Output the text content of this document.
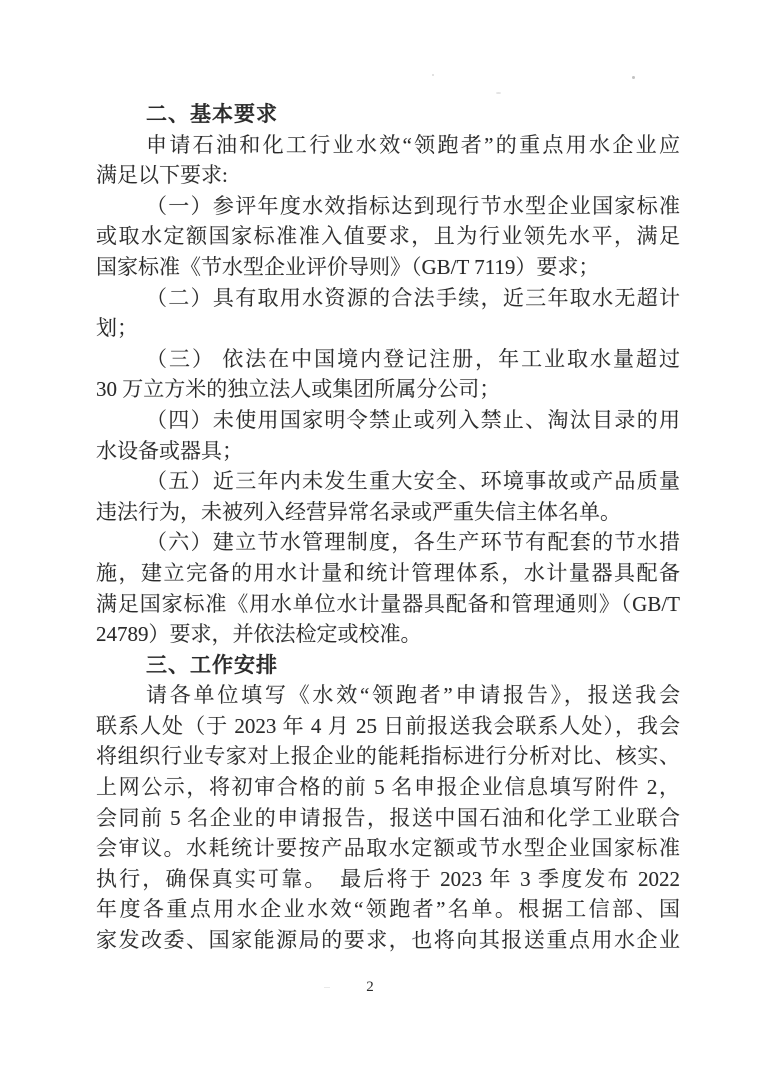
二、基本要求
申请石油和化工行业水效“领跑者”的重点用水企业应
满足以下要求:
（一）参评年度水效指标达到现行节水型企业国家标准
或取水定额国家标准准入值要求，且为行业领先水平，满足
国家标准《节水型企业评价导则》（GB/T 7119）要求；
（二）具有取用水资源的合法手续，近三年取水无超计
划；
（三） 依法在中国境内登记注册，年工业取水量超过
30 万立方米的独立法人或集团所属分公司；
（四）未使用国家明令禁止或列入禁止、淘汰目录的用
水设备或器具；
（五）近三年内未发生重大安全、环境事故或产品质量
违法行为，未被列入经营异常名录或严重失信主体名单。
（六）建立节水管理制度，各生产环节有配套的节水措
施，建立完备的用水计量和统计管理体系，水计量器具配备
满足国家标准《用水单位水计量器具配备和管理通则》（GB/T
24789）要求，并依法检定或校准。
三、工作安排
请各单位填写《水效“领跑者”申请报告》，报送我会
联系人处（于 2023 年 4 月 25 日前报送我会联系人处），我会
将组织行业专家对上报企业的能耗指标进行分析对比、核实、
上网公示，将初审合格的前 5 名申报企业信息填写附件 2，
会同前 5 名企业的申请报告，报送中国石油和化学工业联合
会审议。水耗统计要按产品取水定额或节水型企业国家标准
执行，确保真实可靠。　最后将于 2023 年 3 季度发布 2022
年度各重点用水企业水效“领跑者”名单。根据工信部、国
家发改委、国家能源局的要求，也将向其报送重点用水企业
2
